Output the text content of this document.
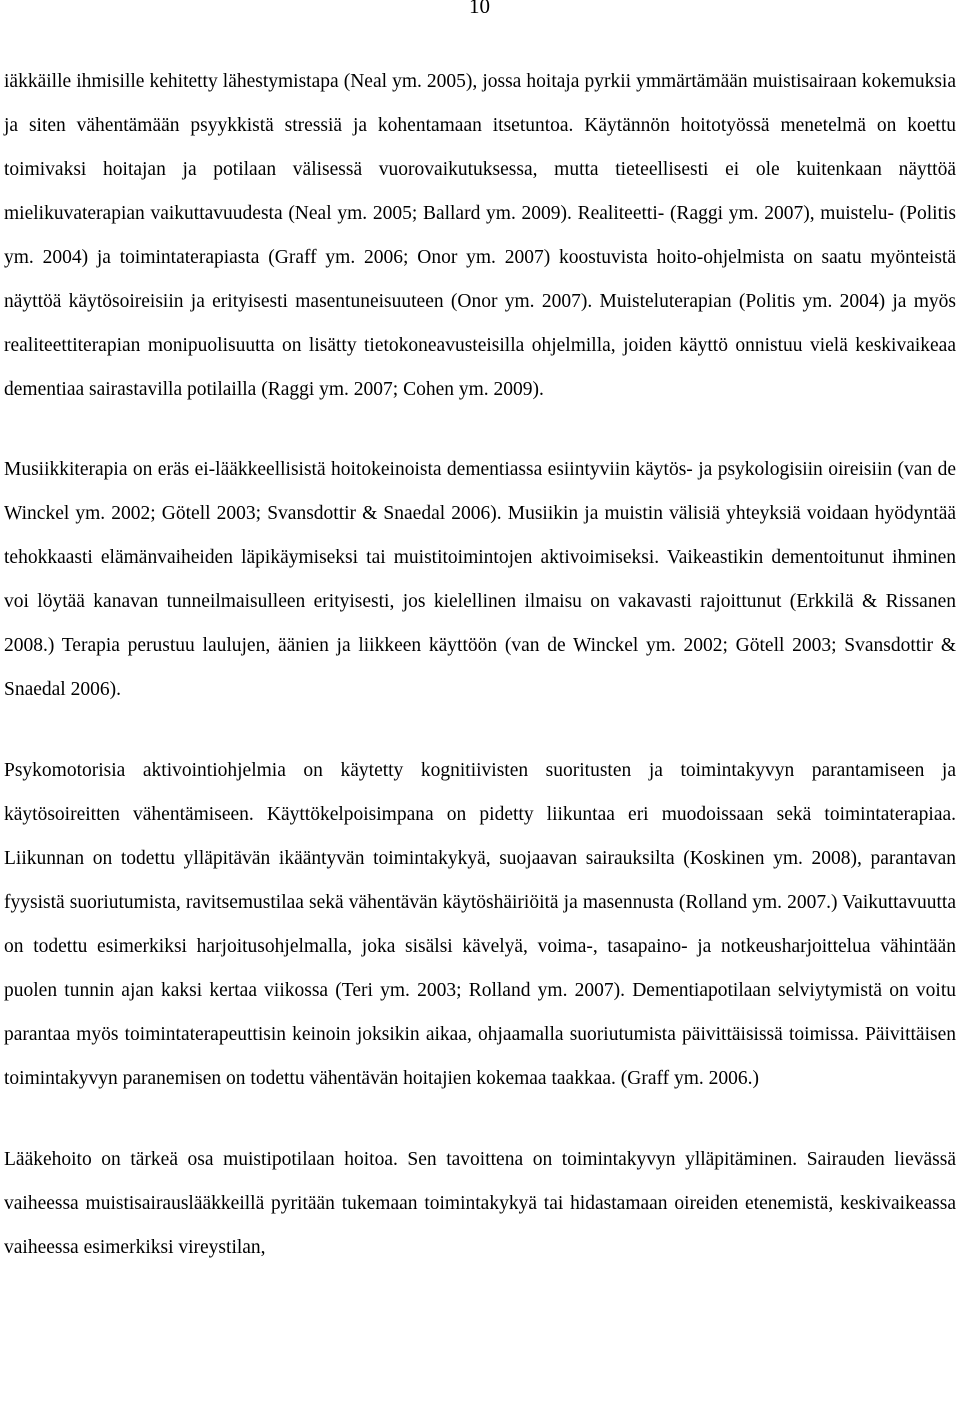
10

iäkkäille ihmisille kehitetty lähestymistapa (Neal ym. 2005), jossa hoitaja pyrkii ymmärtämään muistisairaan kokemuksia ja siten vähentämään psyykkistä stressiä ja kohentamaan itsetuntoa. Käytännön hoitotyössä menetelmä on koettu toimivaksi hoitajan ja potilaan välisessä vuorovaikutuksessa, mutta tieteellisesti ei ole kuitenkaan näyttöä mielikuvaterapian vaikuttavuudesta (Neal ym. 2005; Ballard ym. 2009). Realiteetti- (Raggi ym. 2007), muistelu- (Politis ym. 2004) ja toimintaterapiasta (Graff ym. 2006; Onor ym. 2007) koostuvista hoito-ohjelmista on saatu myönteistä näyttöä käytösoireisiin ja erityisesti masentuneisuuteen (Onor ym. 2007). Muisteluterapian (Politis ym. 2004) ja myös realiteettiterapian monipuolisuutta on lisätty tietokoneavusteisilla ohjelmilla, joiden käyttö onnistuu vielä keskivaikeaa dementiaa sairastavilla potilailla (Raggi ym. 2007; Cohen ym. 2009).

Musiikkiterapia on eräs ei-lääkkeellisistä hoitokeinoista dementiassa esiintyviin käytös- ja psykologisiin oireisiin (van de Winckel ym. 2002; Götell 2003; Svansdottir & Snaedal 2006). Musiikin ja muistin välisiä yhteyksiä voidaan hyödyntää tehokkaasti elämänvaiheiden läpikäymiseksi tai muistitoimintojen aktivoimiseksi. Vaikeastikin dementoitunut ihminen voi löytää kanavan tunneilmaisulleen erityisesti, jos kielellinen ilmaisu on vakavasti rajoittunut (Erkkilä & Rissanen 2008.) Terapia perustuu laulujen, äänien ja liikkeen käyttöön (van de Winckel ym. 2002; Götell 2003; Svansdottir & Snaedal 2006).

Psykomotorisia aktivointiohjelmia on käytetty kognitiivisten suoritusten ja toimintakyvyn parantamiseen ja käytösoireitten vähentämiseen. Käyttökelpoisimpana on pidetty liikuntaa eri muodoissaan sekä toimintaterapiaa. Liikunnan on todettu ylläpitävän ikääntyvän toimintakykyä, suojaavan sairauksilta (Koskinen ym. 2008), parantavan fyysistä suoriutumista, ravitsemustilaa sekä vähentävän käytöshäiriöitä ja masennusta (Rolland ym. 2007.) Vaikuttavuutta on todettu esimerkiksi harjoitusohjelmalla, joka sisälsi kävelyä, voima-, tasapaino- ja notkeusharjoittelua vähintään puolen tunnin ajan kaksi kertaa viikossa (Teri ym. 2003; Rolland ym. 2007). Dementiapotilaan selviytymistä on voitu parantaa myös toimintaterapeuttisin keinoin joksikin aikaa, ohjaamalla suoriutumista päivittäisissä toimissa. Päivittäisen toimintakyvyn paranemisen on todettu vähentävän hoitajien kokemaa taakkaa. (Graff ym. 2006.)

Lääkehoito on tärkeä osa muistipotilaan hoitoa. Sen tavoittena on toimintakyvyn ylläpitäminen. Sairauden lievässä vaiheessa muistisairauslääkkeillä pyritään tukemaan toimintakykyä tai hidastamaan oireiden etenemistä, keskivaikeassa vaiheessa esimerkiksi vireystilan,
